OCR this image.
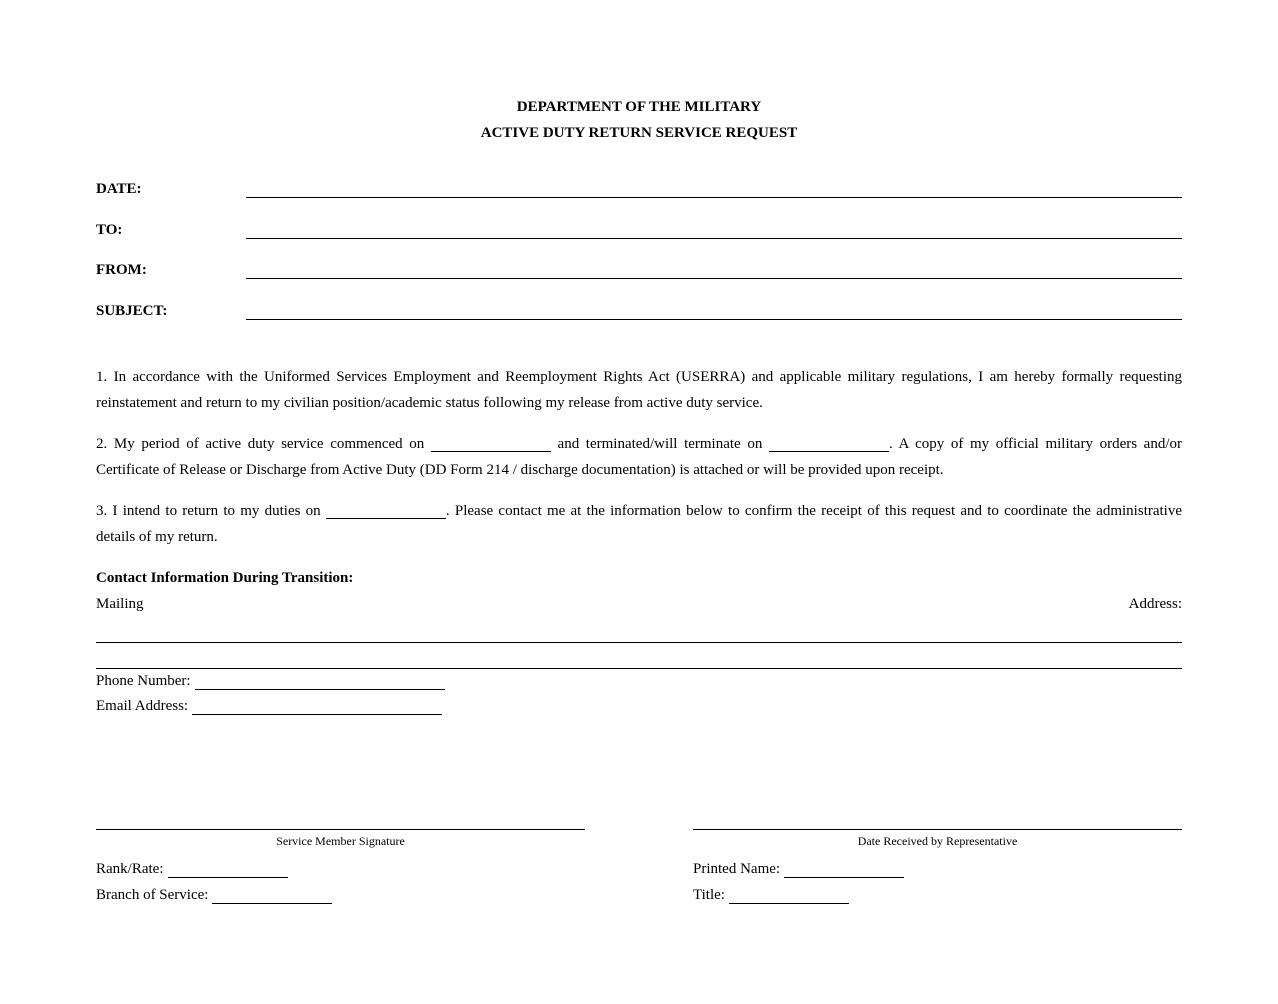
DEPARTMENT OF THE MILITARY
ACTIVE DUTY RETURN SERVICE REQUEST
DATE:
TO:
FROM:
SUBJECT:
1. In accordance with the Uniformed Services Employment and Reemployment Rights Act (USERRA) and applicable military regulations, I am hereby formally requesting reinstatement and return to my civilian position/academic status following my release from active duty service.
2. My period of active duty service commenced on	and terminated/will terminate on	. A copy of my official military orders and/or Certificate of Release or Discharge from Active Duty (DD Form 214 / discharge documentation) is attached or will be provided upon receipt.
3. I intend to return to my duties on	. Please contact me at the information below to confirm the receipt of this request and to coordinate the administrative details of my return.
Contact Information During Transition:
Mailing	Address:
Phone Number:
Email Address:
Service Member Signature	Date Received by Representative
Rank/Rate:
Branch of Service:
Printed Name:
Title:
